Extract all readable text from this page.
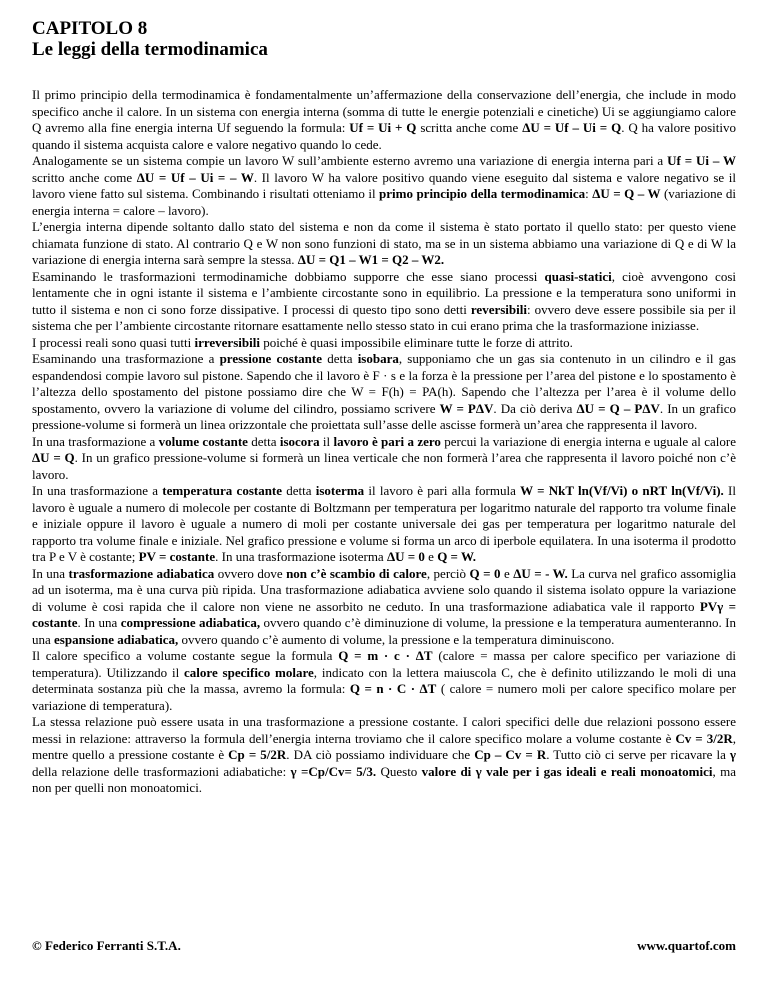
CAPITOLO 8
Le leggi della termodinamica

Il primo principio della termodinamica è fondamentalmente un’affermazione della conservazione dell’energia, che include in modo specifico anche il calore. In un sistema con energia interna (somma di tutte le energie potenziali e cinetiche) Ui se aggiungiamo calore Q avremo alla fine energia interna Uf seguendo la formula: Uf = Ui + Q scritta anche come ΔU = Uf – Ui = Q. Q ha valore positivo quando il sistema acquista calore e valore negativo quando lo cede.

Analogamente se un sistema compie un lavoro W sull’ambiente esterno avremo una variazione di energia interna pari a Uf = Ui – W scritto anche come ΔU = Uf – Ui = – W. Il lavoro W ha valore positivo quando viene eseguito dal sistema e valore negativo se il lavoro viene fatto sul sistema. Combinando i risultati otteniamo il primo principio della termodinamica: ΔU = Q – W (variazione di energia interna = calore – lavoro).

L’energia interna dipende soltanto dallo stato del sistema e non da come il sistema è stato portato il quello stato: per questo viene chiamata funzione di stato. Al contrario Q e W non sono funzioni di stato, ma se in un sistema abbiamo una variazione di Q e di W la variazione di energia interna sarà sempre la stessa. ΔU = Q1 – W1 = Q2 – W2.

Esaminando le trasformazioni termodinamiche dobbiamo supporre che esse siano processi quasi-statici, cioè avvengono cosi lentamente che in ogni istante il sistema e l’ambiente circostante sono in equilibrio. La pressione e la temperatura sono uniformi in tutto il sistema e non ci sono forze dissipative. I processi di questo tipo sono detti reversibili: ovvero deve essere possibile sia per il sistema che per l’ambiente circostante ritornare esattamente nello stesso stato in cui erano prima che la trasformazione iniziasse.

I processi reali sono quasi tutti irreversibili poiché è quasi impossibile eliminare tutte le forze di attrito.

Esaminando una trasformazione a pressione costante detta isobara, supponiamo che un gas sia contenuto in un cilindro e il gas espandendosi compie lavoro sul pistone. Sapendo che il lavoro è F · s e la forza è la pressione per l’area del pistone e lo spostamento è l’altezza dello spostamento del pistone possiamo dire che W = F(h) = PA(h). Sapendo che l’altezza per l’area è il volume dello spostamento, ovvero la variazione di volume del cilindro, possiamo scrivere W = PΔV. Da ciò deriva ΔU = Q – PΔV. In un grafico pressione-volume si formerà un linea orizzontale che proiettata sull’asse delle ascisse formerà un’area che rappresenta il lavoro.

In una trasformazione a volume costante detta isocora il lavoro è pari a zero percui la variazione di energia interna e uguale al calore ΔU = Q. In un grafico pressione-volume si formerà un linea verticale che non formerà l’area che rappresenta il lavoro poiché non c’è lavoro.

In una trasformazione a temperatura costante detta isoterma il lavoro è pari alla formula W = NkT ln(Vf/Vi) o nRT ln(Vf/Vi). Il lavoro è uguale a numero di molecole per costante di Boltzmann per temperatura per logaritmo naturale del rapporto tra volume finale e iniziale oppure il lavoro è uguale a numero di moli per costante universale dei gas per temperatura per logaritmo naturale del rapporto tra volume finale e iniziale. Nel grafico pressione e volume si forma un arco di iperbole equilatera. In una isoterma il prodotto tra P e V è costante; PV = costante. In una trasformazione isoterma ΔU = 0 e Q = W.

In una trasformazione adiabatica ovvero dove non c’è scambio di calore, perciò Q = 0 e ΔU = - W. La curva nel grafico assomiglia ad un isoterma, ma è una curva più ripida. Una trasformazione adiabatica avviene solo quando il sistema isolato oppure la variazione di volume è cosi rapida che il calore non viene ne assorbito ne ceduto. In una trasformazione adiabatica vale il rapporto PVγ = costante. In una compressione adiabatica, ovvero quando c’è diminuzione di volume, la pressione e la temperatura aumenteranno. In una espansione adiabatica, ovvero quando c’è aumento di volume, la pressione e la temperatura diminuiscono.

Il calore specifico a volume costante segue la formula Q = m · c · ΔT (calore = massa per calore specifico per variazione di temperatura). Utilizzando il calore specifico molare, indicato con la lettera maiuscola C, che è definito utilizzando le moli di una determinata sostanza più che la massa, avremo la formula: Q = n · C · ΔT ( calore = numero moli per calore specifico molare per variazione di temperatura).

La stessa relazione può essere usata in una trasformazione a pressione costante. I calori specifici delle due relazioni possono essere messi in relazione: attraverso la formula dell’energia interna troviamo che il calore specifico molare a volume costante è Cv = 3/2R, mentre quello a pressione costante è Cp = 5/2R. DA ciò possiamo individuare che Cp – Cv = R. Tutto ciò ci serve per ricavare la γ della relazione delle trasformazioni adiabatiche: γ =Cp/Cv= 5/3. Questo valore di γ vale per i gas ideali e reali monoatomici, ma non per quelli non monoatomici.

© Federico Ferranti S.T.A.	www.quartof.com
